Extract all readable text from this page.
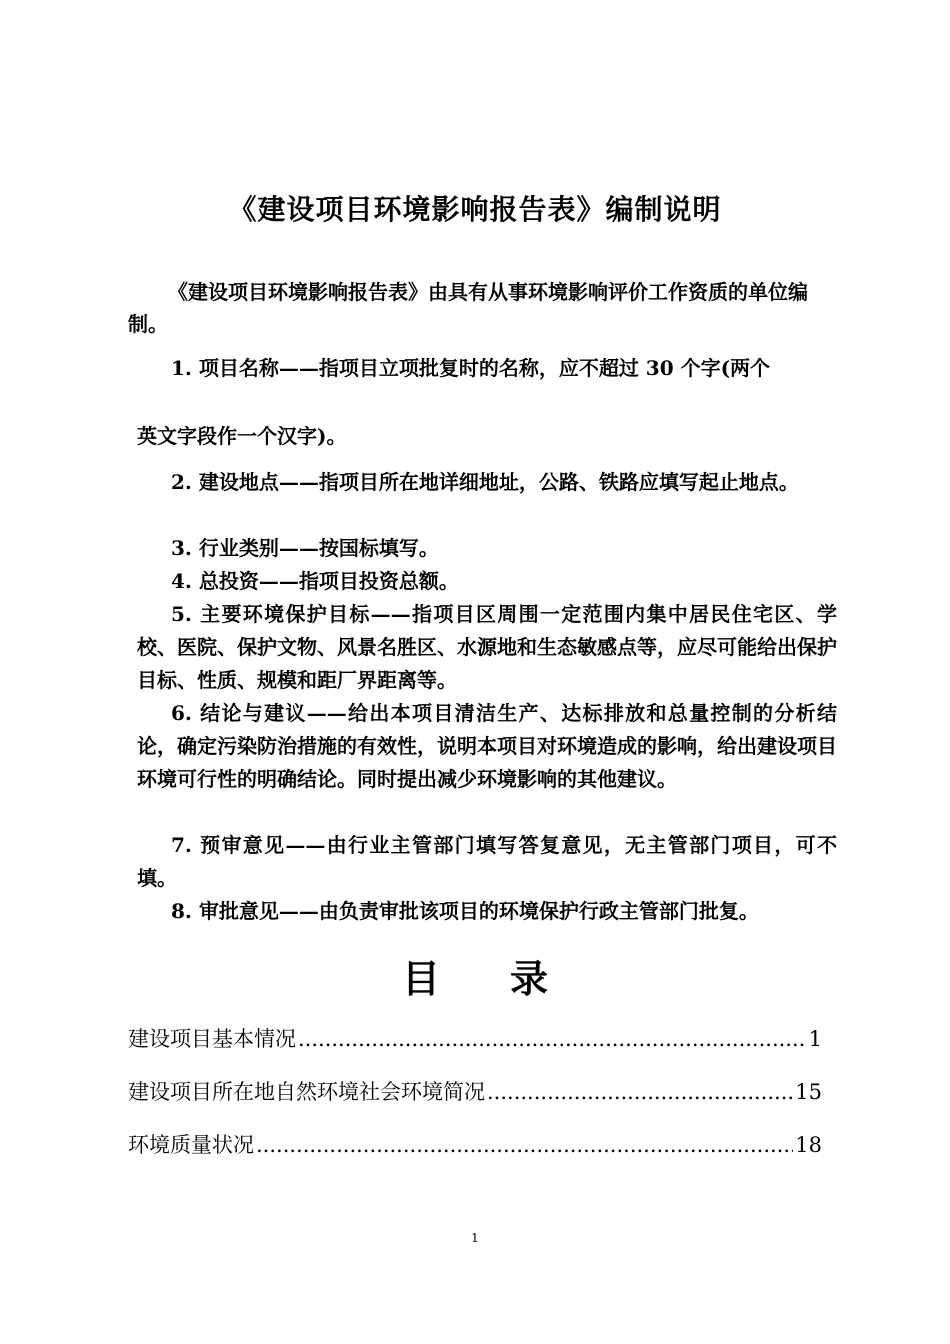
《建设项目环境影响报告表》编制说明
《建设项目环境影响报告表》由具有从事环境影响评价工作资质的单位编制。
1. 项目名称——指项目立项批复时的名称，应不超过 30 个字(两个
英文字段作一个汉字)。
2. 建设地点——指项目所在地详细地址，公路、铁路应填写起止地点。
3. 行业类别——按国标填写。
4. 总投资——指项目投资总额。
5. 主要环境保护目标——指项目区周围一定范围内集中居民住宅区、学校、医院、保护文物、风景名胜区、水源地和生态敏感点等，应尽可能给出保护目标、性质、规模和距厂界距离等。
6. 结论与建议——给出本项目清洁生产、达标排放和总量控制的分析结论，确定污染防治措施的有效性，说明本项目对环境造成的影响，给出建设项目环境可行性的明确结论。同时提出减少环境影响的其他建议。
7. 预审意见——由行业主管部门填写答复意见，无主管部门项目，可不填。
8. 审批意见——由负责审批该项目的环境保护行政主管部门批复。
目 录
建设项目基本情况 .....	1
建设项目所在地自然环境社会环境简况 .....	15
环境质量状况 .....	18
1
